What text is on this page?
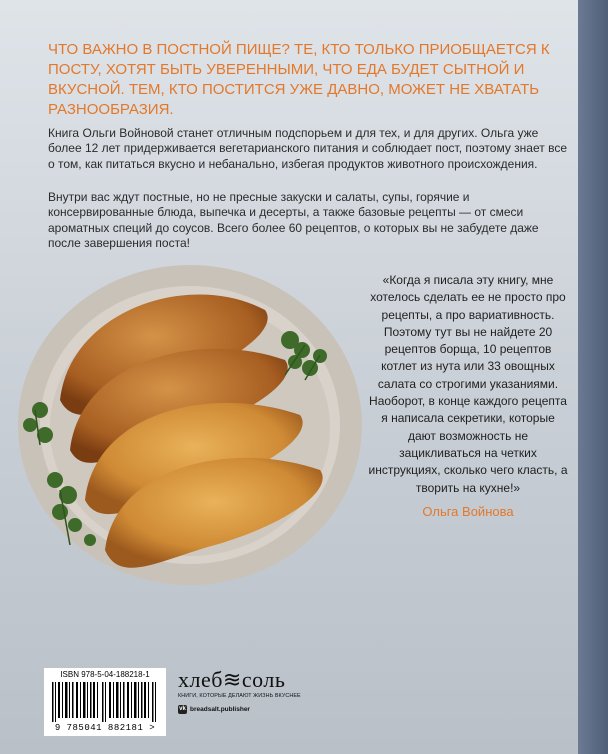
ЧТО ВАЖНО В ПОСТНОЙ ПИЩЕ? ТЕ, КТО ТОЛЬКО ПРИОБЩАЕТСЯ К ПОСТУ, ХОТЯТ БЫТЬ УВЕРЕННЫМИ, ЧТО ЕДА БУДЕТ СЫТНОЙ И ВКУСНОЙ. ТЕМ, КТО ПОСТИТСЯ УЖЕ ДАВНО, МОЖЕТ НЕ ХВАТАТЬ РАЗНООБРАЗИЯ.

Книга Ольги Войновой станет отличным подспорьем и для тех, и для других. Ольга уже более 12 лет придерживается вегетарианского питания и соблюдает пост, поэтому знает все о том, как питаться вкусно и небанально, избегая продуктов животного происхождения.

Внутри вас ждут постные, но не пресные закуски и салаты, супы, горячие и консервированные блюда, выпечка и десерты, а также базовые рецепты — от смеси ароматных специй до соусов. Всего более 60 рецептов, о которых вы не забудете даже после завершения поста!

«Когда я писала эту книгу, мне хотелось сделать ее не просто про рецепты, а про вариативность. Поэтому тут вы не найдете 20 рецептов борща, 10 рецептов котлет из нута или 33 овощных салата со строгими указаниями. Наоборот, в конце каждого рецепта я написала секретики, которые дают возможность не зацикливаться на четких инструкциях, сколько чего класть, а творить на кухне!»

Ольга Войнова
ISBN 978-5-04-188218-1
9 785041 882181 >
хлеб≋соль
КНИГИ, КОТОРЫЕ ДЕЛАЮТ ЖИЗНЬ ВКУСНЕЕ
vk breadsalt.publisher
